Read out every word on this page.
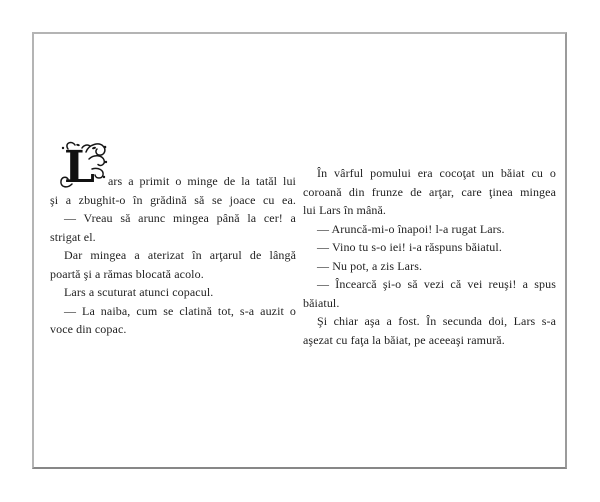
L	ars a primit o minge de la tatăl lui
şi a zbughit-o în grădină să se joace cu ea.
— Vreau să arunc mingea până la cer! a
strigat el.
Dar mingea a aterizat în arţarul de lângă
poartă şi a rămas blocată acolo.
Lars a scuturat atunci copacul.
— La naiba, cum se clatină tot, s-a auzit o
voce din copac.
În vârful pomului era cocoţat un băiat cu o
coroană din frunze de arţar, care ţinea mingea
lui Lars în mână.
— Aruncă-mi-o înapoi! l-a rugat Lars.
— Vino tu s-o iei! i-a răspuns băiatul.
— Nu pot, a zis Lars.
— Încearcă şi-o să vezi că vei reuşi! a spus
băiatul.
Şi chiar aşa a fost. În secunda doi, Lars s-a
aşezat cu faţa la băiat, pe aceeaşi ramură.
